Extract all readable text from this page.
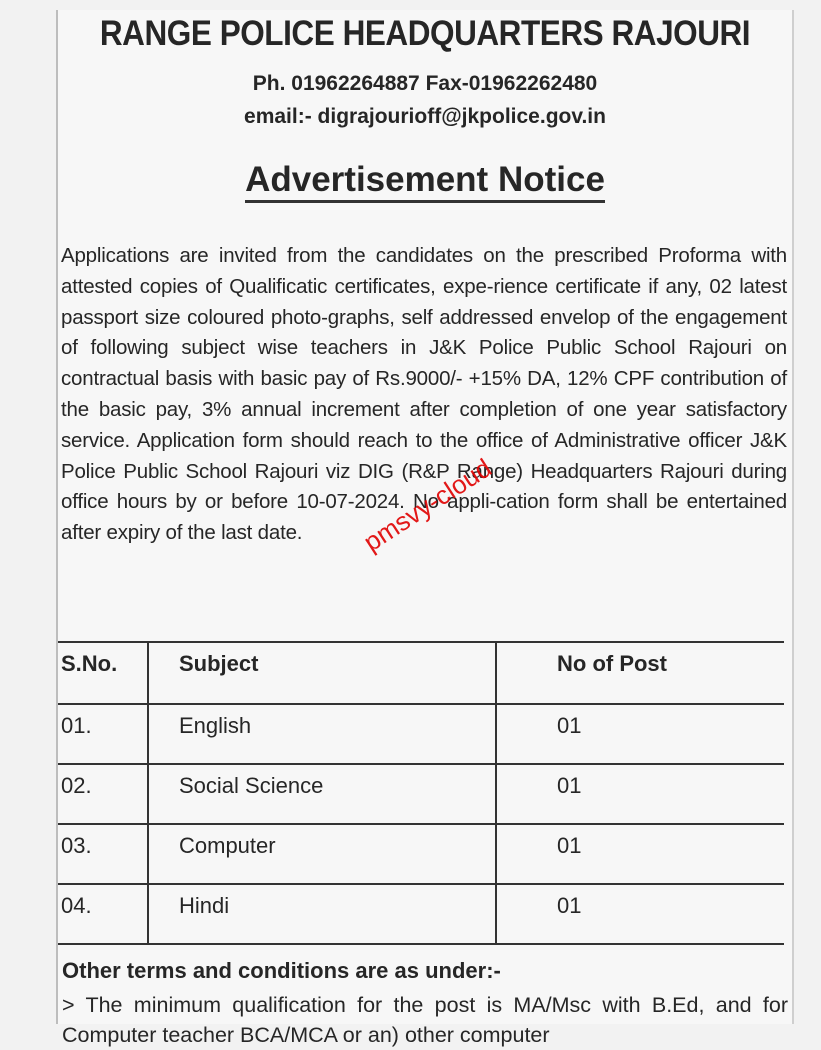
RANGE POLICE HEADQUARTERS RAJOURI
Ph. 01962264887 Fax-01962262480
email:- digrajourioff@jkpolice.gov.in
Advertisement Notice
Applications are invited from the candidates on the prescribed Proforma with attested copies of Qualificatic certificates, expe-rience certificate if any, 02 latest passport size coloured photo-graphs, self addressed envelop of the engagement of following subject wise teachers in J&K Police Public School Rajouri on contractual basis with basic pay of Rs.9000/- +15% DA, 12% CPF contribution of the basic pay, 3% annual increment after completion of one year satisfactory service. Application form should reach to the office of Administrative officer J&K Police Public School Rajouri viz DIG (R&P Range) Headquarters Rajouri during office hours by or before 10-07-2024. No appli-cation form shall be entertained after expiry of the last date.
S.No.	Subject	No of Post

01.	English	01

02.	Social Science	01

03.	Computer	01

04.	Hindi	01
Other terms and conditions are as under:-
> The minimum qualification for the post is MA/Msc with B.Ed, and for Computer teacher BCA/MCA or an) other computer
pmsvy-cloud
